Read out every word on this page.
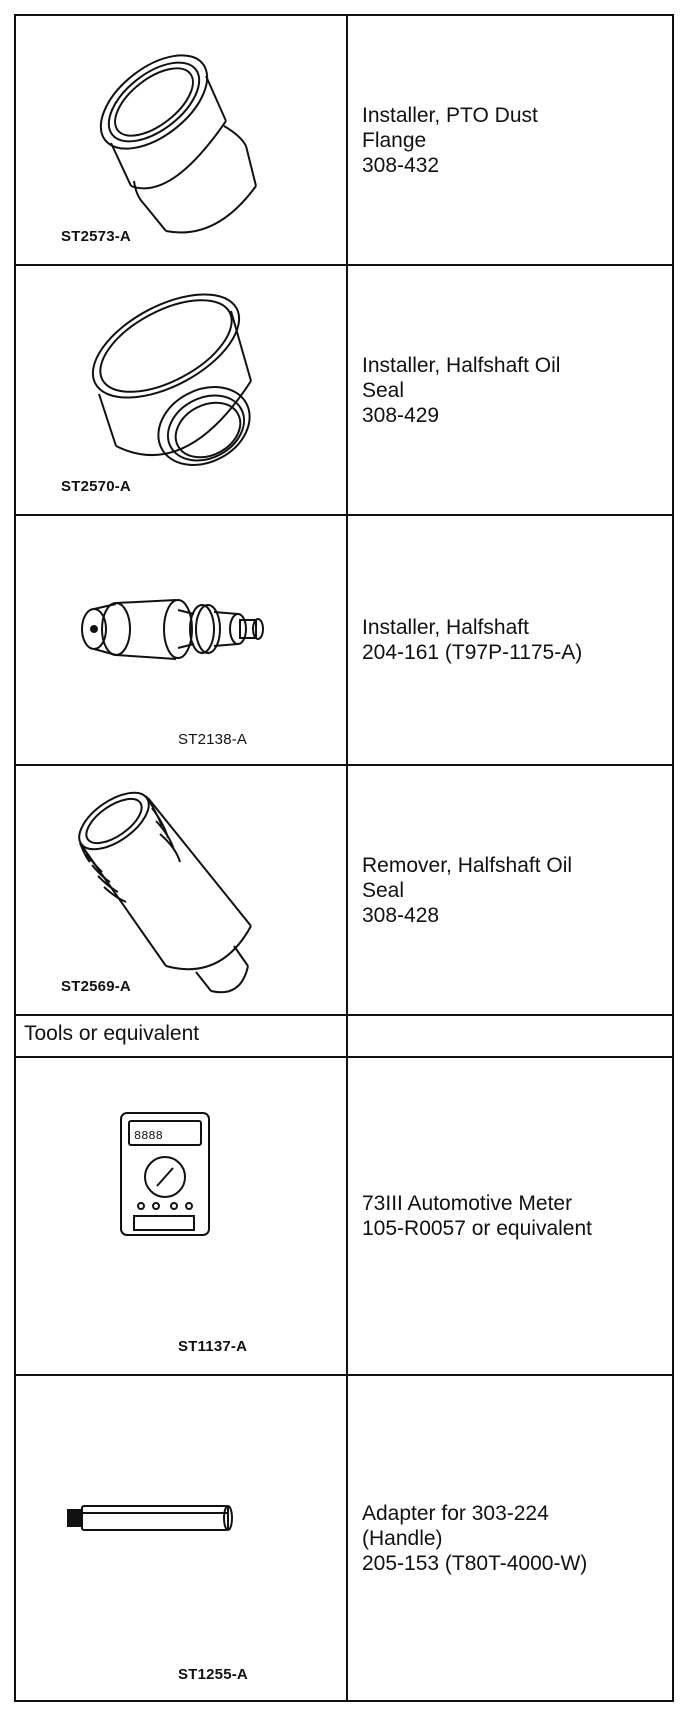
ST2573-A
Installer, PTO Dust
Flange
308-432
ST2570-A
Installer, Halfshaft Oil
Seal
308-429
ST2138-A
Installer, Halfshaft
204-161 (T97P-1175-A)
ST2569-A
Remover, Halfshaft Oil
Seal
308-428
Tools or equivalent
8888
ST1137-A
73III Automotive Meter
105-R0057 or equivalent
ST1255-A
Adapter for 303-224
(Handle)
205-153 (T80T-4000-W)
